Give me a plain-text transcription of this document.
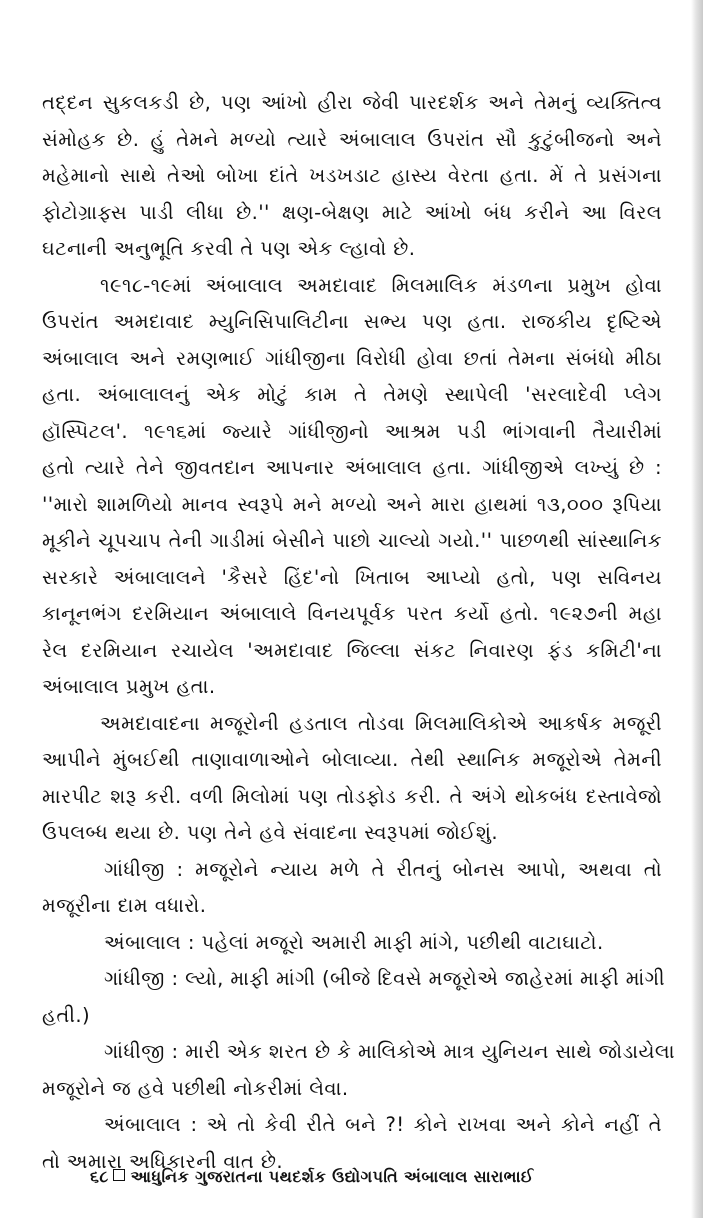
તદ્દન સુકલકડી છે, પણ આંખો હીરા જેવી પારદર્શક અને તેમનું વ્યક્તિત્વ
સંમોહક છે. હું તેમને મળ્યો ત્યારે અંબાલાલ ઉપરાંત સૌ કુટુંબીજનો અને
મહેમાનો સાથે તેઓ બોખા દાંતે ખડખડાટ હાસ્ય વેરતા હતા. મેં તે પ્રસંગના
ફોટોગ્રાફ્સ પાડી લીધા છે.'' ક્ષણ-બેક્ષણ માટે આંખો બંધ કરીને આ વિરલ
ઘટનાની અનુભૂતિ કરવી તે પણ એક લ્હાવો છે.
૧૯૧૮-૧૯માં અંબાલાલ અમદાવાદ મિલમાલિક મંડળના પ્રમુખ હોવા
ઉપરાંત અમદાવાદ મ્યુનિસિપાલિટીના સભ્ય પણ હતા. રાજકીય દૃષ્ટિએ
અંબાલાલ અને રમણભાઈ ગાંધીજીના વિરોધી હોવા છતાં તેમના સંબંધો મીઠા
હતા. અંબાલાલનું એક મોટું કામ તે તેમણે સ્થાપેલી 'સરલાદેવી પ્લેગ
હૉસ્પિટલ'. ૧૯૧૬માં જ્યારે ગાંધીજીનો આશ્રમ પડી ભાંગવાની તૈયારીમાં
હતો ત્યારે તેને જીવતદાન આપનાર અંબાલાલ હતા. ગાંધીજીએ લખ્યું છે :
''મારો શામળિયો માનવ સ્વરૂપે મને મળ્યો અને મારા હાથમાં ૧૩,૦૦૦ રૂપિયા
મૂકીને ચૂપચાપ તેની ગાડીમાં બેસીને પાછો ચાલ્યો ગયો.'' પાછળથી સાંસ્થાનિક
સરકારે અંબાલાલને 'કૈસરે હિંદ'નો ખિતાબ આપ્યો હતો, પણ સવિનય
કાનૂનભંગ દરમિયાન અંબાલાલે વિનયપૂર્વક પરત કર્યો હતો. ૧૯૨૭ની મહા
રેલ દરમિયાન રચાયેલ 'અમદાવાદ જિલ્લા સંકટ નિવારણ ફંડ કમિટી'ના
અંબાલાલ પ્રમુખ હતા.
અમદાવાદના મજૂરોની હડતાલ તોડવા મિલમાલિકોએ આકર્ષક મજૂરી
આપીને મુંબઈથી તાણાવાળાઓને બોલાવ્યા. તેથી સ્થાનિક મજૂરોએ તેમની
મારપીટ શરૂ કરી. વળી મિલોમાં પણ તોડફોડ કરી. તે અંગે થોકબંધ દસ્તાવેજો
ઉપલબ્ધ થયા છે. પણ તેને હવે સંવાદના સ્વરૂપમાં જોઈશું.
ગાંધીજી : મજૂરોને ન્યાય મળે તે રીતનું બોનસ આપો, અથવા તો
મજૂરીના દામ વધારો.
અંબાલાલ : પહેલાં મજૂરો અમારી માફી માંગે, પછીથી વાટાઘાટો.
ગાંધીજી : લ્યો, માફી માંગી (બીજે દિવસે મજૂરોએ જાહેરમાં માફી માંગી
હતી.)
ગાંધીજી : મારી એક શરત છે કે માલિકોએ માત્ર યુનિયન સાથે જોડાયેલા
મજૂરોને જ હવે પછીથી નોકરીમાં લેવા.
અંબાલાલ : એ તો કેવી રીતે બને ?! કોને રાખવા અને કોને નહીં તે
તો અમારા અધિકારની વાત છે.
૬૮ આધુનિક ગુજરાતના પથદર્શક ઉદ્યોગપતિ અંબાલાલ સારાભાઈ
